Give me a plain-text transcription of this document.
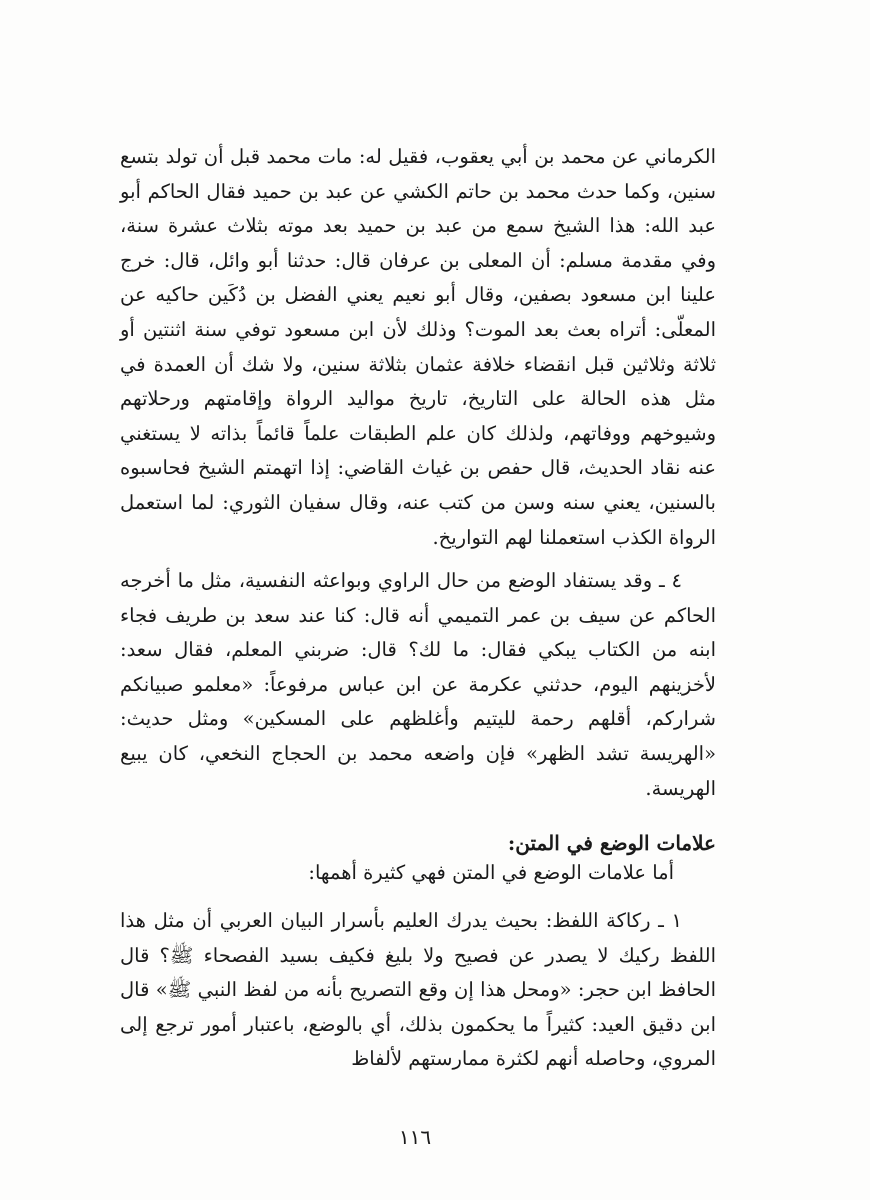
الكرماني عن محمد بن أبي يعقوب، فقيل له: مات محمد قبل أن تولد بتسع سنين، وكما حدث محمد بن حاتم الكشي عن عبد بن حميد فقال الحاكم أبو عبد الله: هذا الشيخ سمع من عبد بن حميد بعد موته بثلاث عشرة سنة، وفي مقدمة مسلم: أن المعلى بن عرفان قال: حدثنا أبو وائل، قال: خرج علينا ابن مسعود بصفين، وقال أبو نعيم يعني الفضل بن دُكَين حاكيه عن المعلّى: أتراه بعث بعد الموت؟ وذلك لأن ابن مسعود توفي سنة اثنتين أو ثلاثة وثلاثين قبل انقضاء خلافة عثمان بثلاثة سنين، ولا شك أن العمدة في مثل هذه الحالة على التاريخ، تاريخ مواليد الرواة وإقامتهم ورحلاتهم وشيوخهم ووفاتهم، ولذلك كان علم الطبقات علماً قائماً بذاته لا يستغني عنه نقاد الحديث، قال حفص بن غياث القاضي: إذا اتهمتم الشيخ فحاسبوه بالسنين، يعني سنه وسن من كتب عنه، وقال سفيان الثوري: لما استعمل الرواة الكذب استعملنا لهم التواريخ.

٤ ـ وقد يستفاد الوضع من حال الراوي وبواعثه النفسية، مثل ما أخرجه الحاكم عن سيف بن عمر التميمي أنه قال: كنا عند سعد بن طريف فجاء ابنه من الكتاب يبكي فقال: ما لك؟ قال: ضربني المعلم، فقال سعد: لأخزينهم اليوم، حدثني عكرمة عن ابن عباس مرفوعاً: «معلمو صبيانكم شراركم، أقلهم رحمة لليتيم وأغلظهم على المسكين» ومثل حديث: «الهريسة تشد الظهر» فإن واضعه محمد بن الحجاج النخعي، كان يبيع الهريسة.

علامات الوضع في المتن:

أما علامات الوضع في المتن فهي كثيرة أهمها:

١ ـ ركاكة اللفظ: بحيث يدرك العليم بأسرار البيان العربي أن مثل هذا اللفظ ركيك لا يصدر عن فصيح ولا بليغ فكيف بسيد الفصحاء ﷺ؟ قال الحافظ ابن حجر: «ومحل هذا إن وقع التصريح بأنه من لفظ النبي ﷺ» قال ابن دقيق العيد: كثيراً ما يحكمون بذلك، أي بالوضع، باعتبار أمور ترجع إلى المروي، وحاصله أنهم لكثرة ممارستهم لألفاظ

١١٦
